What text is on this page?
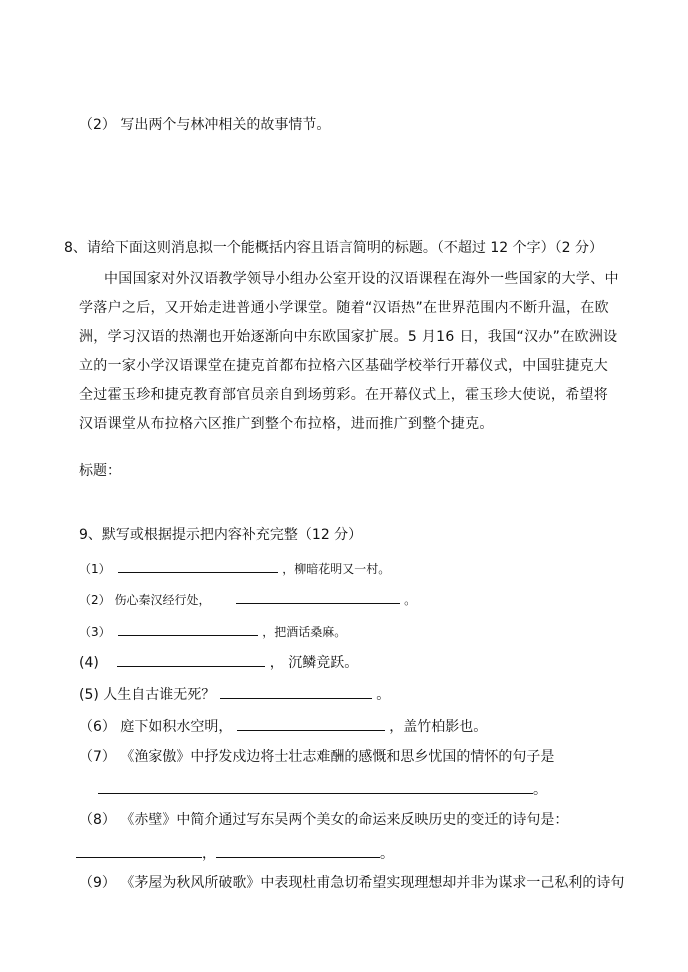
（2） 写出两个与林冲相关的故事情节。
8、请给下面这则消息拟一个能概括内容且语言简明的标题。（不超过 12 个字）（2 分）
中国国家对外汉语教学领导小组办公室开设的汉语课程在海外一些国家的大学、中学落户之后，又开始走进普通小学课堂。随着“汉语热”在世界范围内不断升温，在欧洲，学习汉语的热潮也开始逐渐向中东欧国家扩展。5 月16 日，我国“汉办”在欧洲设立的一家小学汉语课堂在捷克首都布拉格六区基础学校举行开幕仪式，中国驻捷克大全过霍玉珍和捷克教育部官员亲自到场剪彩。在开幕仪式上，霍玉珍大使说，希望将汉语课堂从布拉格六区推广到整个布拉格，进而推广到整个捷克。
标题：
9、默写或根据提示把内容补充完整（12 分）
（1）	，柳暗花明又一村。
（2） 伤心秦汉经行处，	。
（3）	，把酒话桑麻。
(4)	， 沉鳞竞跃。
(5) 人生自古谁无死？	。
（6） 庭下如积水空明，	，盖竹柏影也。
（7） 《渔家傲》中抒发戍边将士壮志难酬的感慨和思乡忧国的情怀的句子是
。
（8） 《赤壁》中简介通过写东吴两个美女的命运来反映历史的变迁的诗句是：
，	。
（9） 《茅屋为秋风所破歌》中表现杜甫急切希望实现理想却并非为谋求一己私利的诗句
